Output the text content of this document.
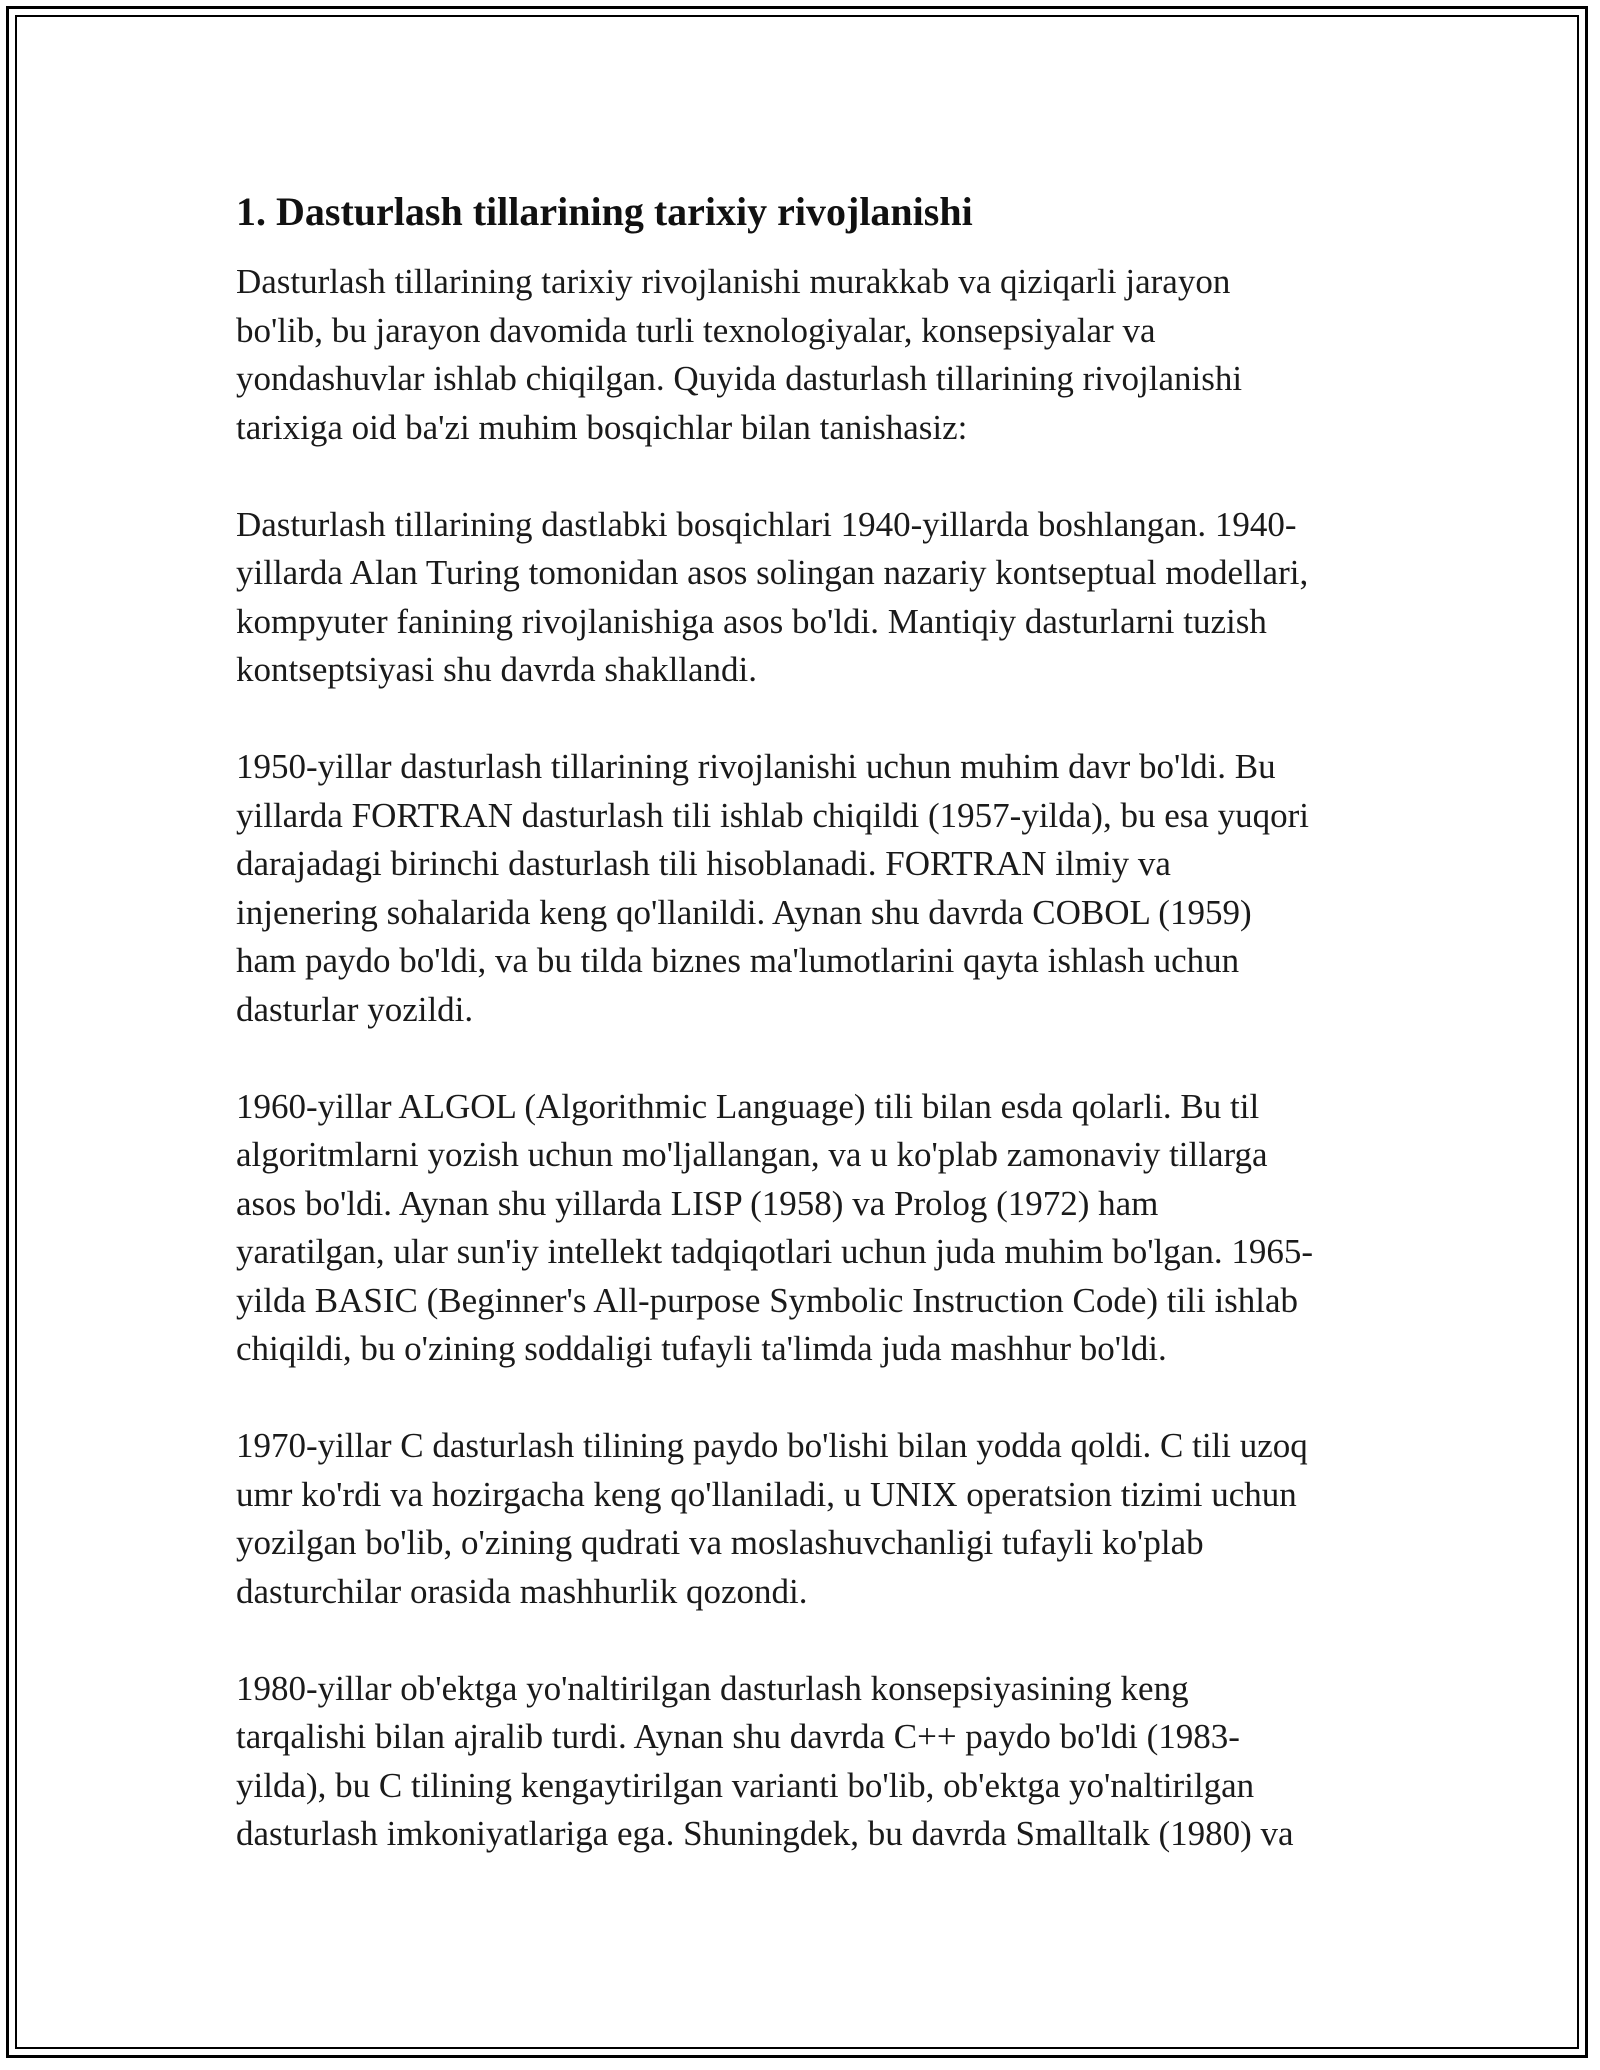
1. Dasturlash tillarining tarixiy rivojlanishi
Dasturlash tillarining tarixiy rivojlanishi murakkab va qiziqarli jarayon
bo'lib, bu jarayon davomida turli texnologiyalar, konsepsiyalar va
yondashuvlar ishlab chiqilgan. Quyida dasturlash tillarining rivojlanishi
tarixiga oid ba'zi muhim bosqichlar bilan tanishasiz:
Dasturlash tillarining dastlabki bosqichlari 1940-yillarda boshlangan. 1940-
yillarda Alan Turing tomonidan asos solingan nazariy kontseptual modellari,
kompyuter fanining rivojlanishiga asos bo'ldi. Mantiqiy dasturlarni tuzish
kontseptsiyasi shu davrda shakllandi.
1950-yillar dasturlash tillarining rivojlanishi uchun muhim davr bo'ldi. Bu
yillarda FORTRAN dasturlash tili ishlab chiqildi (1957-yilda), bu esa yuqori
darajadagi birinchi dasturlash tili hisoblanadi. FORTRAN ilmiy va
injenering sohalarida keng qo'llanildi. Aynan shu davrda COBOL (1959)
ham paydo bo'ldi, va bu tilda biznes ma'lumotlarini qayta ishlash uchun
dasturlar yozildi.
1960-yillar ALGOL (Algorithmic Language) tili bilan esda qolarli. Bu til
algoritmlarni yozish uchun mo'ljallangan, va u ko'plab zamonaviy tillarga
asos bo'ldi. Aynan shu yillarda LISP (1958) va Prolog (1972) ham
yaratilgan, ular sun'iy intellekt tadqiqotlari uchun juda muhim bo'lgan. 1965-
yilda BASIC (Beginner's All-purpose Symbolic Instruction Code) tili ishlab
chiqildi, bu o'zining soddaligi tufayli ta'limda juda mashhur bo'ldi.
1970-yillar C dasturlash tilining paydo bo'lishi bilan yodda qoldi. C tili uzoq
umr ko'rdi va hozirgacha keng qo'llaniladi, u UNIX operatsion tizimi uchun
yozilgan bo'lib, o'zining qudrati va moslashuvchanligi tufayli ko'plab
dasturchilar orasida mashhurlik qozondi.
1980-yillar ob'ektga yo'naltirilgan dasturlash konsepsiyasining keng
tarqalishi bilan ajralib turdi. Aynan shu davrda C++ paydo bo'ldi (1983-
yilda), bu C tilining kengaytirilgan varianti bo'lib, ob'ektga yo'naltirilgan
dasturlash imkoniyatlariga ega. Shuningdek, bu davrda Smalltalk (1980) va
